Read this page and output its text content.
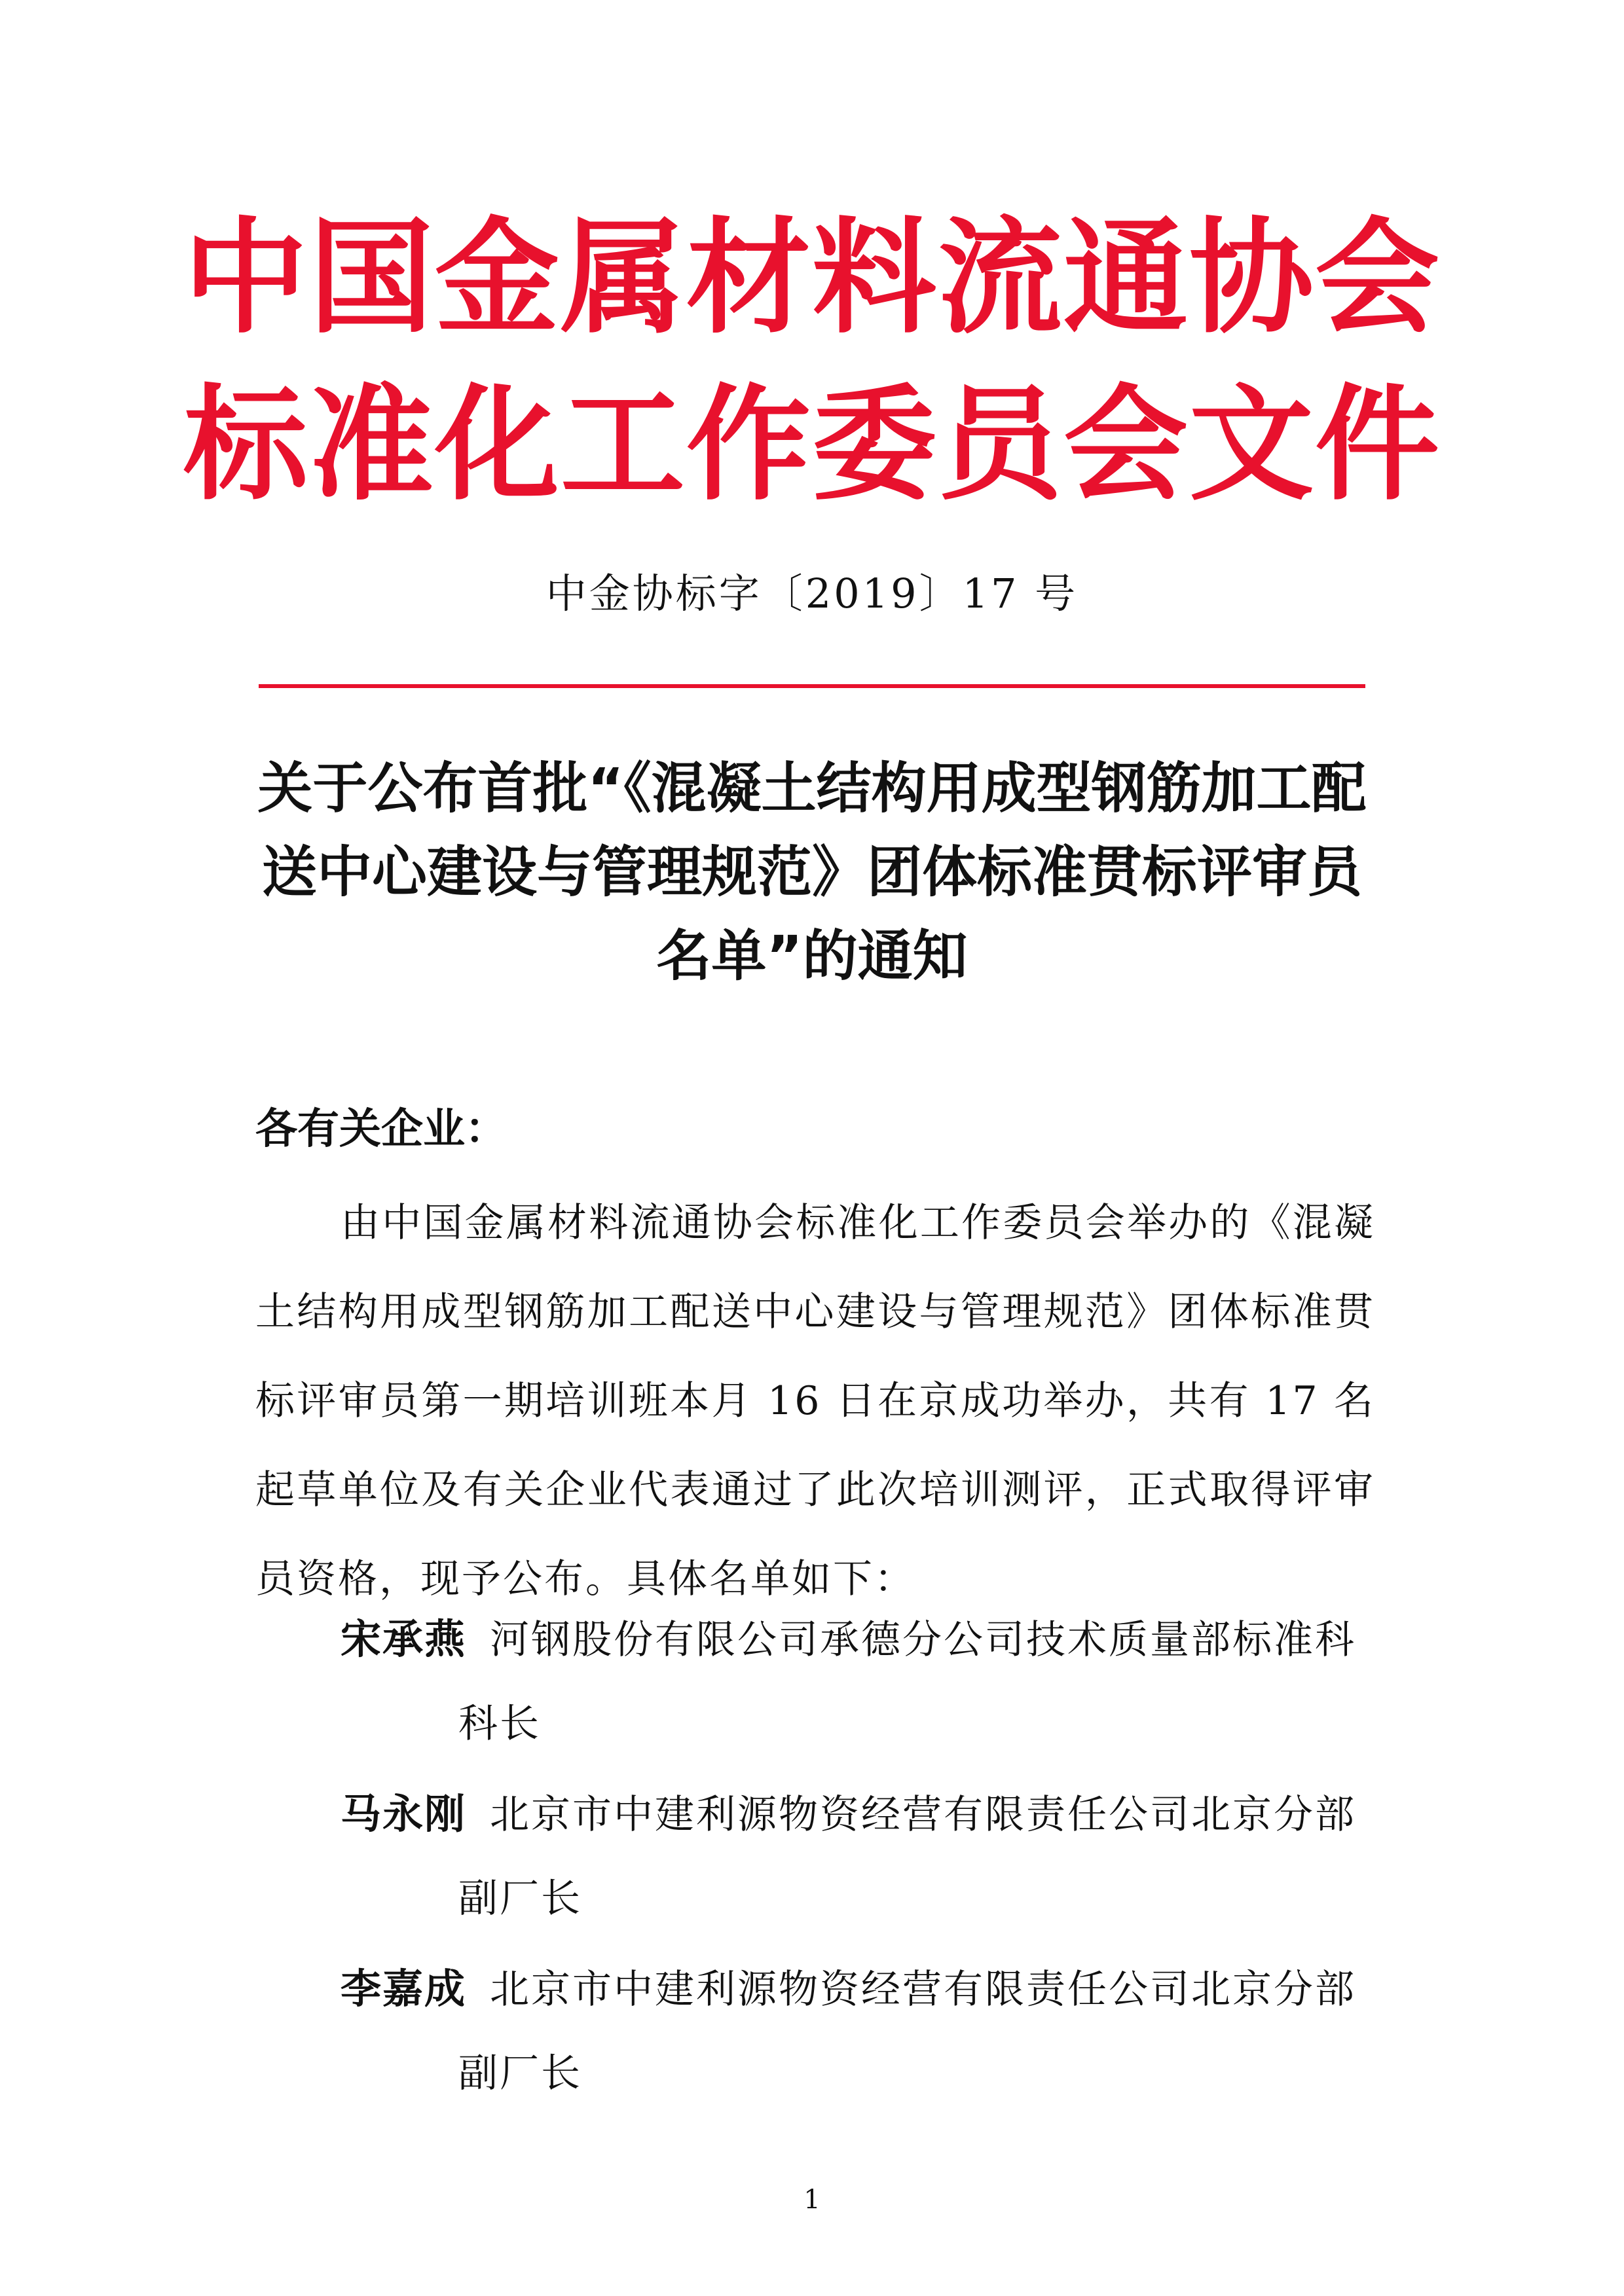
中国金属材料流通协会
标准化工作委员会文件
中金协标字〔2019〕17 号
关于公布首批“《混凝土结构用成型钢筋加工配送中心建设与管理规范》团体标准贯标评审员名单”的通知
各有关企业：
由中国金属材料流通协会标准化工作委员会举办的《混凝土结构用成型钢筋加工配送中心建设与管理规范》团体标准贯标评审员第一期培训班本月 16 日在京成功举办，共有 17 名起草单位及有关企业代表通过了此次培训测评，正式取得评审员资格，现予公布。具体名单如下：
宋承燕 河钢股份有限公司承德分公司技术质量部标准科科长
马永刚 北京市中建利源物资经营有限责任公司北京分部副厂长
李嘉成 北京市中建利源物资经营有限责任公司北京分部副厂长
1
